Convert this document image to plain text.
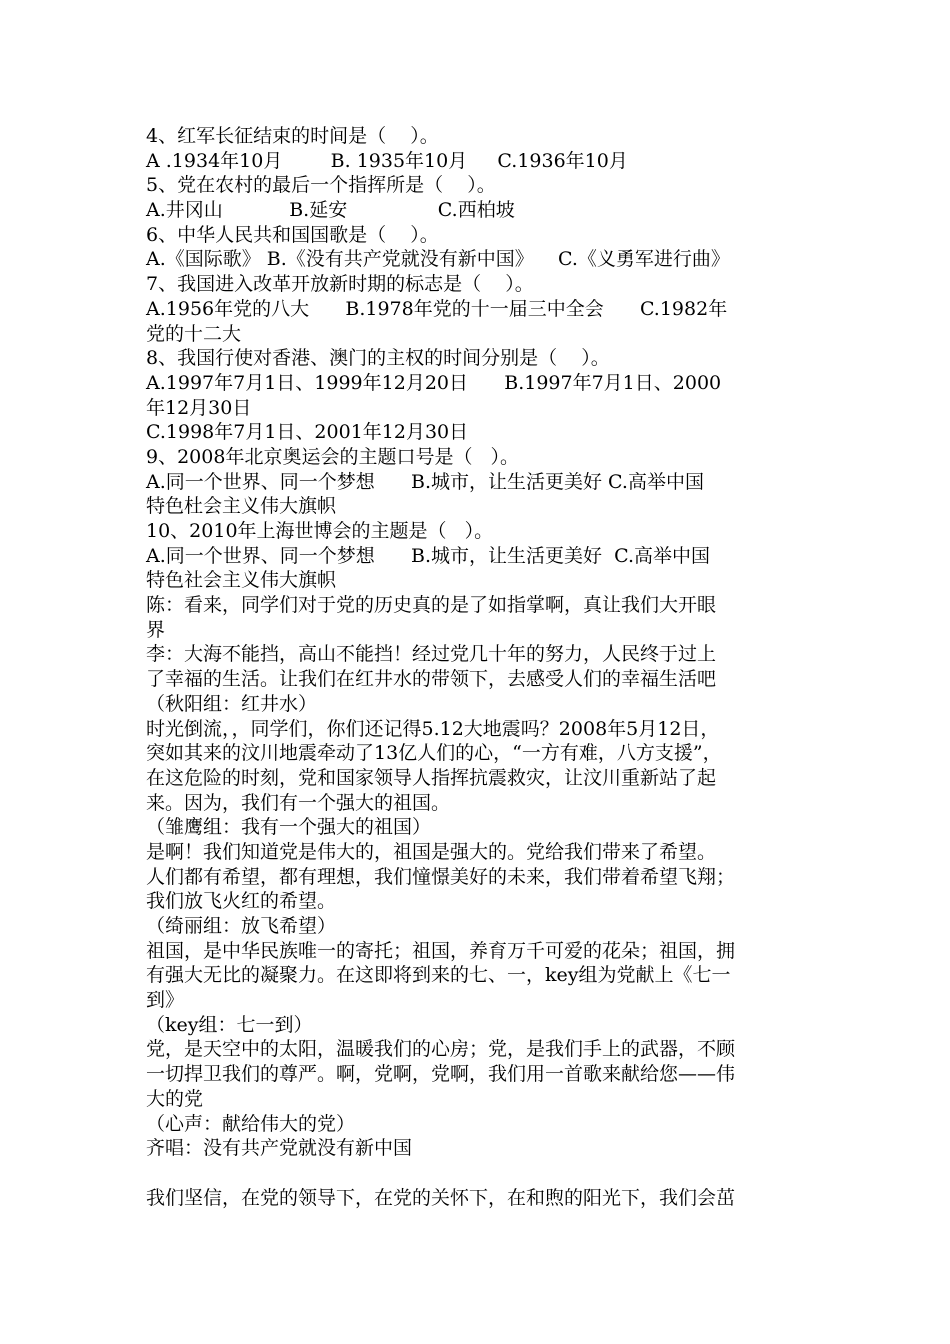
4、红军长征结束的时间是（    ）。
A .1934年10月        B. 1935年10月     C.1936年10月
5、党在农村的最后一个指挥所是（    ）。
A.井冈山           B.延安               C.西柏坡
6、中华人民共和国国歌是（    ）。
A.《国际歌》 B.《没有共产党就没有新中国》    C.《义勇军进行曲》
7、我国进入改革开放新时期的标志是（    ）。
A.1956年党的八大      B.1978年党的十一届三中全会      C.1982年
党的十二大
8、我国行使对香港、澳门的主权的时间分别是（    ）。
A.1997年7月1日、1999年12月20日      B.1997年7月1日、2000
年12月30日
C.1998年7月1日、2001年12月30日
9、2008年北京奥运会的主题口号是（   ）。
A.同一个世界、同一个梦想      B.城市，让生活更美好 C.高举中国
特色杜会主义伟大旗帜
10、2010年上海世博会的主题是（   ）。
A.同一个世界、同一个梦想      B.城市，让生活更美好  C.高举中国
特色社会主义伟大旗帜
陈：看来，同学们对于党的历史真的是了如指掌啊，真让我们大开眼
界
李：大海不能挡，高山不能挡！经过党几十年的努力，人民终于过上
了幸福的生活。让我们在红井水的带领下，去感受人们的幸福生活吧
（秋阳组：红井水）
时光倒流，，同学们，你们还记得5.12大地震吗？2008年5月12日，
突如其来的汶川地震牵动了13亿人们的心，“一方有难，八方支援”，
在这危险的时刻，党和国家领导人指挥抗震救灾，让汶川重新站了起
来。因为，我们有一个强大的祖国。
（雏鹰组：我有一个强大的祖国）
是啊！我们知道党是伟大的，祖国是强大的。党给我们带来了希望。
人们都有希望，都有理想，我们憧憬美好的未来，我们带着希望飞翔；
我们放飞火红的希望。
（绮丽组：放飞希望）
祖国，是中华民族唯一的寄托；祖国，养育万千可爱的花朵；祖国，拥
有强大无比的凝聚力。在这即将到来的七、一，key组为党献上《七一
到》
（key组：七一到）
党，是天空中的太阳，温暖我们的心房；党，是我们手上的武器，不顾
一切捍卫我们的尊严。啊，党啊，党啊，我们用一首歌来献给您——伟
大的党
（心声：献给伟大的党）
齐唱：没有共产党就没有新中国
我们坚信，在党的领导下，在党的关怀下，在和煦的阳光下，我们会茁
